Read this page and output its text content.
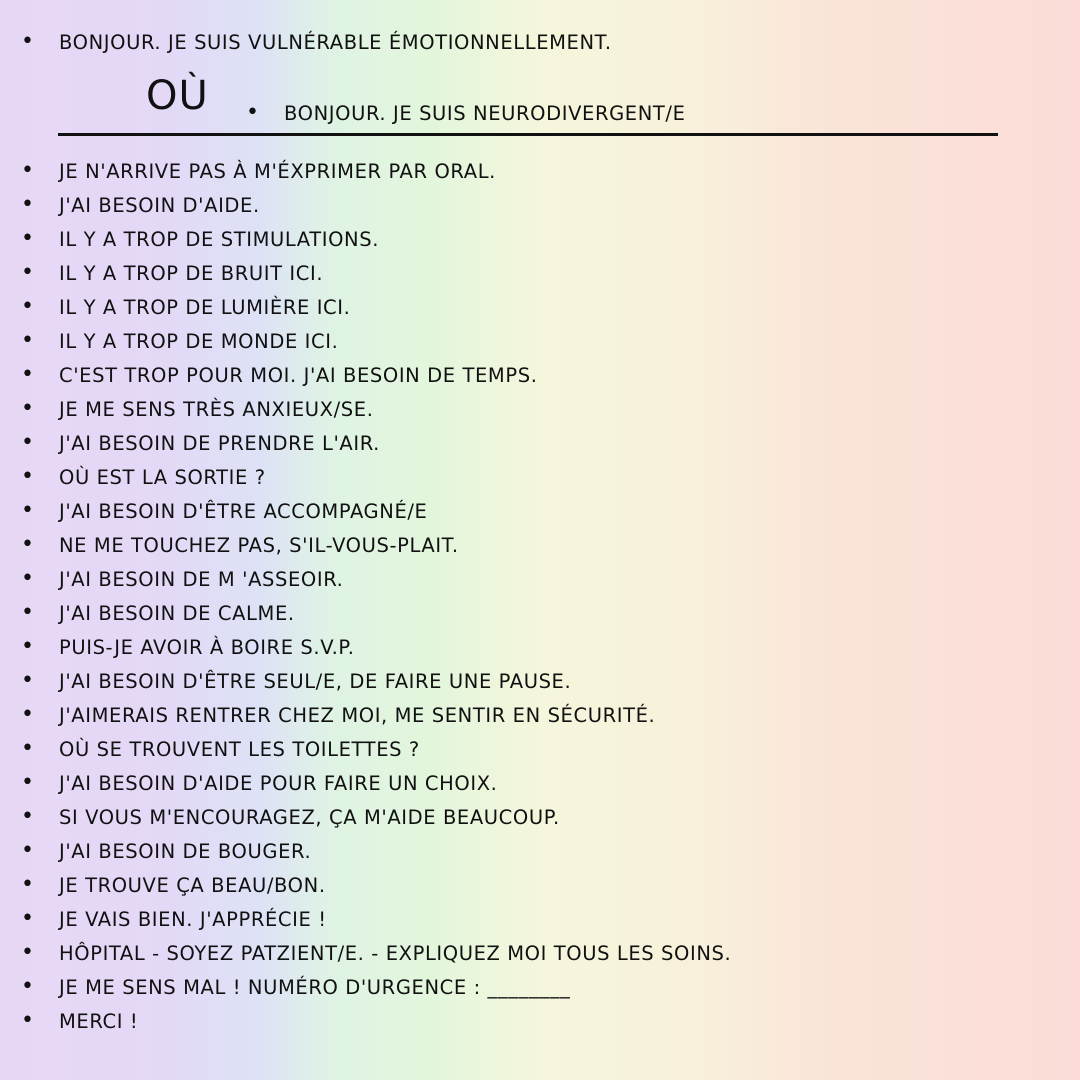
• BONJOUR. JE SUIS VULNÉRABLE ÉMOTIONNELLEMENT.
OÙ • BONJOUR. JE SUIS NEURODIVERGENT/E
• JE N'ARRIVE PAS À M'ÉXPRIMER PAR ORAL.
• J'AI BESOIN D'AIDE.
• IL Y A TROP DE STIMULATIONS.
• IL Y A TROP DE BRUIT ICI.
• IL Y A TROP DE LUMIÈRE ICI.
• IL Y A TROP DE MONDE ICI.
• C'EST TROP POUR MOI. J'AI BESOIN DE TEMPS.
• JE ME SENS TRÈS ANXIEUX/SE.
• J'AI BESOIN DE PRENDRE L'AIR.
• OÙ EST LA SORTIE ?
• J'AI BESOIN D'ÊTRE ACCOMPAGNÉ/E
• NE ME TOUCHEZ PAS, S'IL-VOUS-PLAIT.
• J'AI BESOIN DE M 'ASSEOIR.
• J'AI BESOIN DE CALME.
• PUIS-JE AVOIR À BOIRE S.V.P.
• J'AI BESOIN D'ÊTRE SEUL/E, DE FAIRE UNE PAUSE.
• J'AIMERAIS RENTRER CHEZ MOI, ME SENTIR EN SÉCURITÉ.
• OÙ SE TROUVENT LES TOILETTES ?
• J'AI BESOIN D'AIDE POUR FAIRE UN CHOIX.
• SI VOUS M'ENCOURAGEZ, ÇA M'AIDE BEAUCOUP.
• J'AI BESOIN DE BOUGER.
• JE TROUVE ÇA BEAU/BON.
• JE VAIS BIEN. J'APPRÉCIE !
• HÔPITAL - SOYEZ PATZIENT/E. - EXPLIQUEZ MOI TOUS LES SOINS.
• JE ME SENS MAL ! NUMÉRO D'URGENCE : ________
• MERCI !
